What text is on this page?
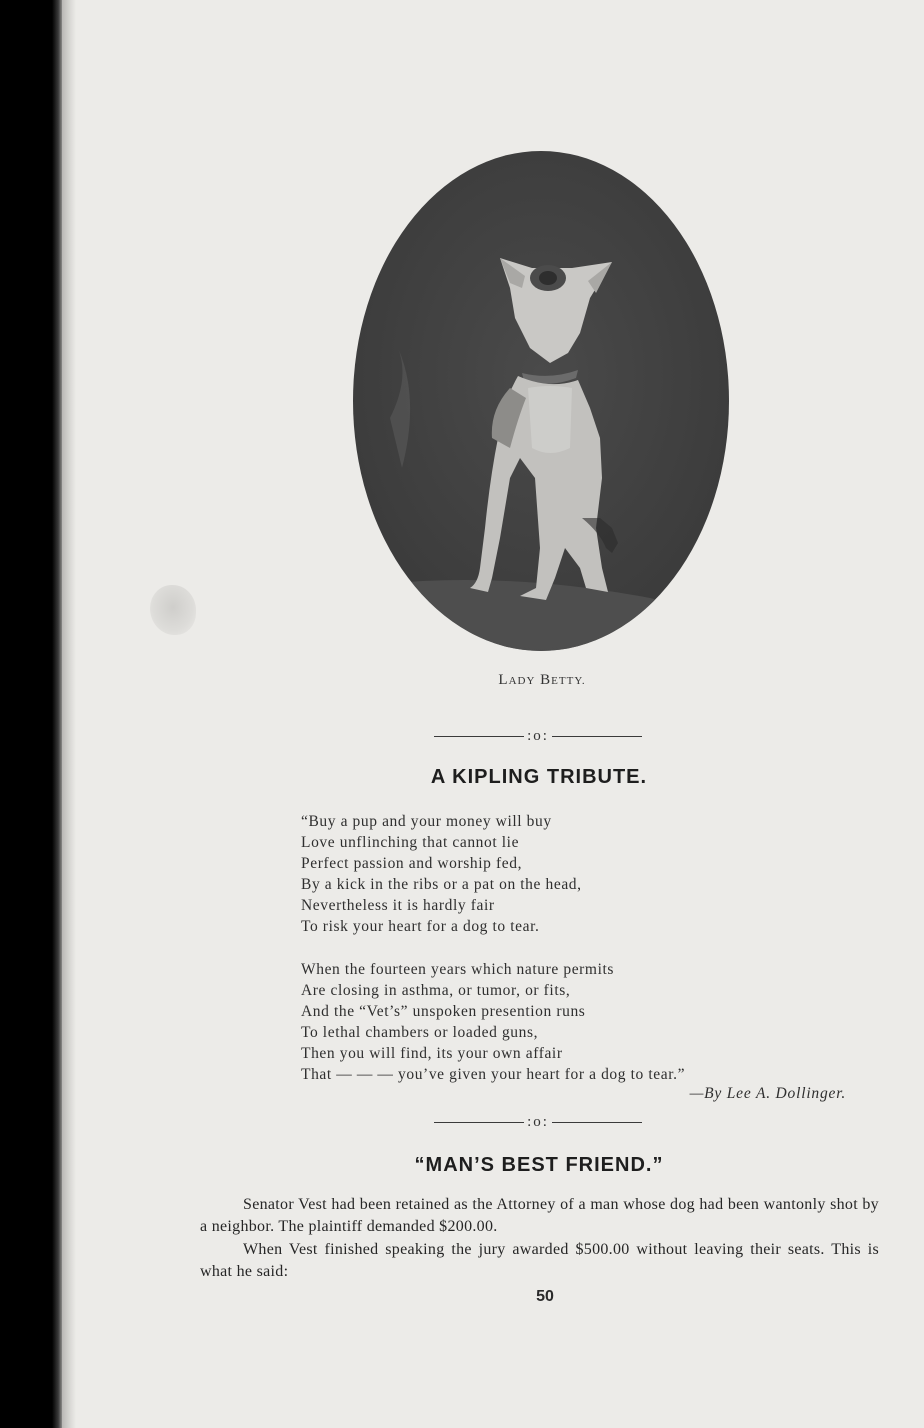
LADY BETTY.
:o:
A KIPLING TRIBUTE.
“Buy a pup and your money will buy
Love unflinching that cannot lie
Perfect passion and worship fed,
By a kick in the ribs or a pat on the head,
Nevertheless it is hardly fair
To risk your heart for a dog to tear.
When the fourteen years which nature permits
Are closing in asthma, or tumor, or fits,
And the “Vet’s” unspoken presention runs
To lethal chambers or loaded guns,
Then you will find, its your own affair
That — — — you’ve given your heart for a dog to tear.”
—By Lee A. Dollinger.
:o:
“MAN’S BEST FRIEND.”

Senator Vest had been retained as the Attorney of a man whose dog had been wantonly shot by a neighbor. The plaintiff demanded $200.00.

When Vest finished speaking the jury awarded $500.00 without leaving their seats. This is what he said:

50
